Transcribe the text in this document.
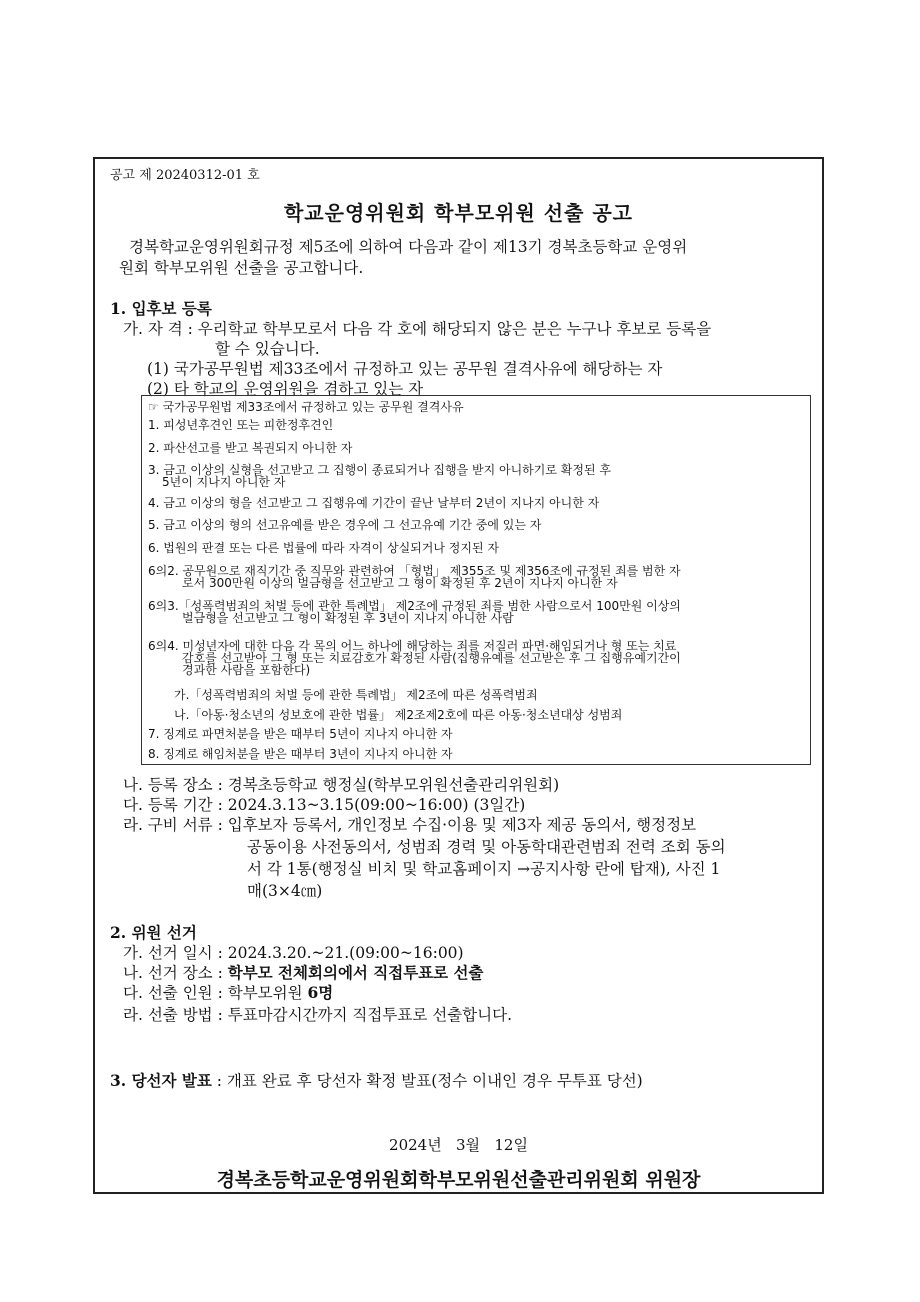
공고 제 20240312-01 호
학교운영위원회 학부모위원 선출 공고
경복학교운영위원회규정 제5조에 의하여 다음과 같이 제13기 경복초등학교 운영위
원회 학부모위원 선출을 공고합니다.
1. 입후보 등록
가. 자 격 : 우리학교 학부모로서 다음 각 호에 해당되지 않은 분은 누구나 후보로 등록을
할 수 있습니다.
(1) 국가공무원법 제33조에서 규정하고 있는 공무원 결격사유에 해당하는 자
(2) 타 학교의 운영위원을 겸하고 있는 자
☞ 국가공무원법 제33조에서 규정하고 있는 공무원 결격사유
1. 피성년후견인 또는 피한정후견인
2. 파산선고를 받고 복권되지 아니한 자
3. 금고 이상의 실형을 선고받고 그 집행이 종료되거나 집행을 받지 아니하기로 확정된 후
5년이 지나지 아니한 자
4. 금고 이상의 형을 선고받고 그 집행유예 기간이 끝난 날부터 2년이 지나지 아니한 자
5. 금고 이상의 형의 선고유예를 받은 경우에 그 선고유예 기간 중에 있는 자
6. 법원의 판결 또는 다른 법률에 따라 자격이 상실되거나 정지된 자
6의2. 공무원으로 재직기간 중 직무와 관련하여 「형법」 제355조 및 제356조에 규정된 죄를 범한 자
로서 300만원 이상의 벌금형을 선고받고 그 형이 확정된 후 2년이 지나지 아니한 자
6의3.「성폭력범죄의 처벌 등에 관한 특례법」 제2조에 규정된 죄를 범한 사람으로서 100만원 이상의
벌금형을 선고받고 그 형이 확정된 후 3년이 지나지 아니한 사람
6의4. 미성년자에 대한 다음 각 목의 어느 하나에 해당하는 죄를 저질러 파면·해임되거나 형 또는 치료
감호를 선고받아 그 형 또는 치료감호가 확정된 사람(집행유예를 선고받은 후 그 집행유예기간이
경과한 사람을 포함한다)
가.「성폭력범죄의 처벌 등에 관한 특례법」 제2조에 따른 성폭력범죄
나.「아동·청소년의 성보호에 관한 법률」 제2조제2호에 따른 아동·청소년대상 성범죄
7. 징계로 파면처분을 받은 때부터 5년이 지나지 아니한 자
8. 징계로 해임처분을 받은 때부터 3년이 지나지 아니한 자
나. 등록 장소 : 경복초등학교 행정실(학부모위원선출관리위원회)
다. 등록 기간 : 2024.3.13~3.15(09:00~16:00) (3일간)
라. 구비 서류 : 입후보자 등록서, 개인정보 수집·이용 및 제3자 제공 동의서, 행정정보
공동이용 사전동의서, 성범죄 경력 및 아동학대관련범죄 전력 조회 동의
서 각 1통(행정실 비치 및 학교홈페이지 →공지사항 란에 탑재), 사진 1
매(3×4㎝)
2. 위원 선거
가. 선거 일시 : 2024.3.20.~21.(09:00~16:00)
나. 선거 장소 : 학부모 전체회의에서 직접투표로 선출
다. 선출 인원 : 학부모위원 6명
라. 선출 방법 : 투표마감시간까지 직접투표로 선출합니다.
3. 당선자 발표 : 개표 완료 후 당선자 확정 발표(정수 이내인 경우 무투표 당선)
2024년   3월   12일
경복초등학교운영위원회학부모위원선출관리위원회 위원장
